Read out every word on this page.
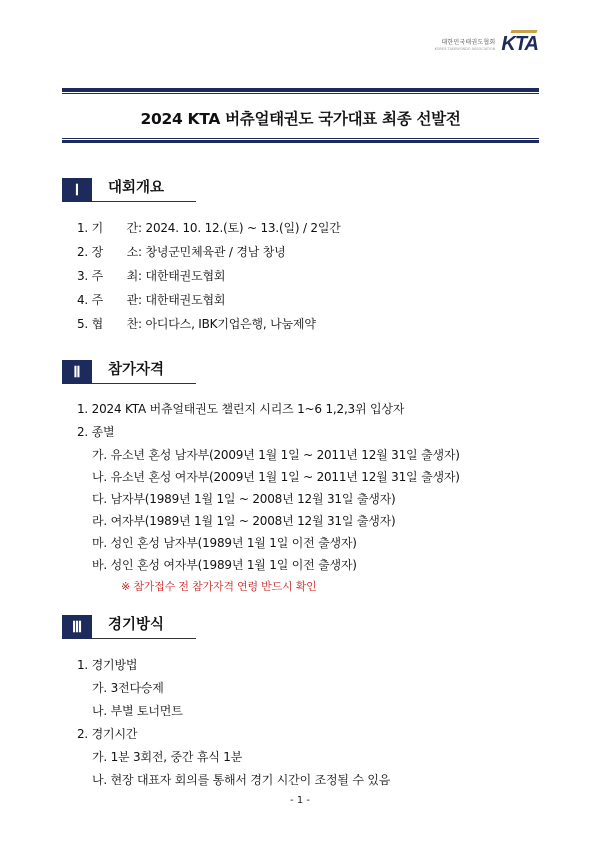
대한민국태권도협회
KOREA TAEKWONDO ASSOCIATION KTA
2024 KTA 버츄얼태권도 국가대표 최종 선발전
Ⅰ	대회개요
1. 기　　간: 2024. 10. 12.(토) ~ 13.(일) / 2일간
2. 장　　소: 창녕군민체육관 / 경남 창녕
3. 주　　최: 대한태권도협회
4. 주　　관: 대한태권도협회
5. 협　　찬: 아디다스, IBK기업은행, 나눔제약
Ⅱ	참가자격
1. 2024 KTA 버츄얼태권도 챌린지 시리즈 1~6 1,2,3위 입상자
2. 종별
가. 유소년 혼성 남자부(2009년 1월 1일 ~ 2011년 12월 31일 출생자)
나. 유소년 혼성 여자부(2009년 1월 1일 ~ 2011년 12월 31일 출생자)
다. 남자부(1989년 1월 1일 ~ 2008년 12월 31일 출생자)
라. 여자부(1989년 1월 1일 ~ 2008년 12월 31일 출생자)
마. 성인 혼성 남자부(1989년 1월 1일 이전 출생자)
바. 성인 혼성 여자부(1989년 1월 1일 이전 출생자)
※ 참가접수 전 참가자격 연령 반드시 확인
Ⅲ	경기방식
1. 경기방법
가. 3전다승제
나. 부별 토너먼트
2. 경기시간
가. 1분 3회전, 중간 휴식 1분
나. 현장 대표자 회의를 통해서 경기 시간이 조정될 수 있음
- 1 -
